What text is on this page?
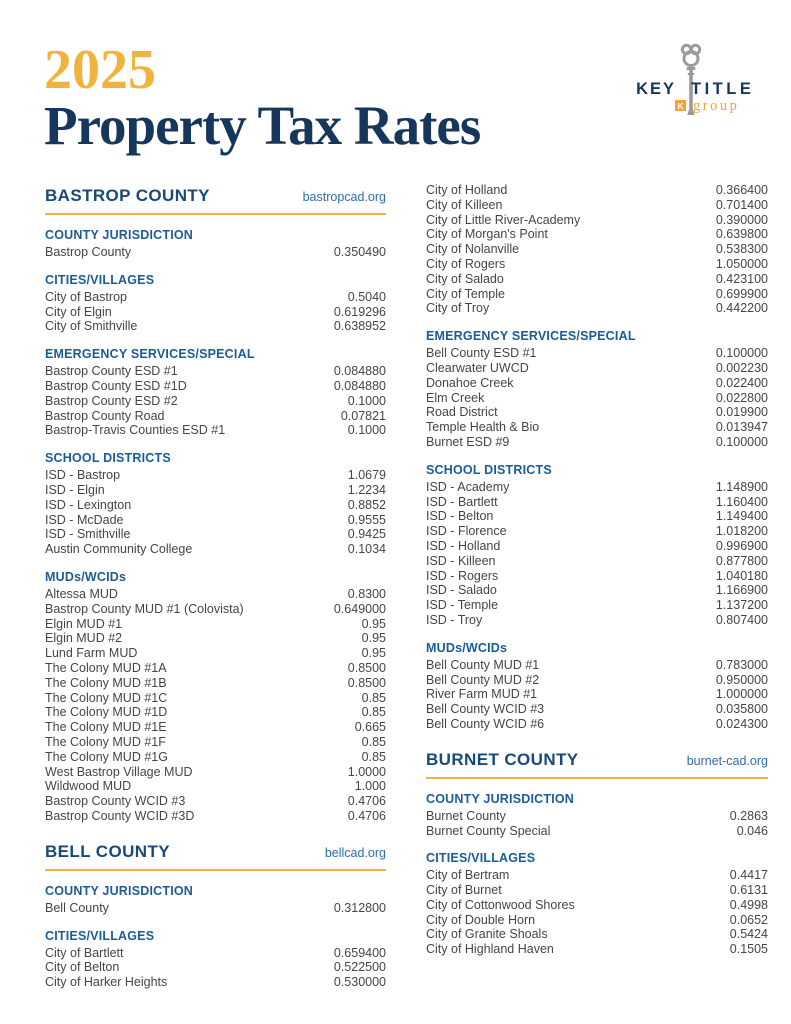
2025
Property Tax Rates
KEY TITLE
group
K
BASTROP COUNTY	bastropcad.org
COUNTY JURISDICTION
Bastrop County	0.350490
CITIES/VILLAGES
City of Bastrop	0.5040
City of Elgin	0.619296
City of Smithville	0.638952
EMERGENCY SERVICES/SPECIAL
Bastrop County ESD #1	0.084880
Bastrop County ESD #1D	0.084880
Bastrop County ESD #2	0.1000
Bastrop County Road	0.07821
Bastrop-Travis Counties ESD #1	0.1000
SCHOOL DISTRICTS
ISD - Bastrop	1.0679
ISD - Elgin	1.2234
ISD - Lexington	0.8852
ISD - McDade	0.9555
ISD - Smithville	0.9425
Austin Community College	0.1034
MUDs/WCIDs
Altessa MUD	0.8300
Bastrop County MUD #1 (Colovista)	0.649000
Elgin MUD #1	0.95
Elgin MUD #2	0.95
Lund Farm MUD	0.95
The Colony MUD #1A	0.8500
The Colony MUD #1B	0.8500
The Colony MUD #1C	0.85
The Colony MUD #1D	0.85
The Colony MUD #1E	0.665
The Colony MUD #1F	0.85
The Colony MUD #1G	0.85
West Bastrop Village MUD	1.0000
Wildwood MUD	1.000
Bastrop County WCID #3	0.4706
Bastrop County WCID #3D	0.4706
BELL COUNTY	bellcad.org
COUNTY JURISDICTION
Bell County	0.312800
CITIES/VILLAGES
City of Bartlett	0.659400
City of Belton	0.522500
City of Harker Heights	0.530000
City of Holland	0.366400
City of Killeen	0.701400
City of Little River-Academy	0.390000
City of Morgan's Point	0.639800
City of Nolanville	0.538300
City of Rogers	1.050000
City of Salado	0.423100
City of Temple	0.699900
City of Troy	0.442200
EMERGENCY SERVICES/SPECIAL
Bell County ESD #1	0.100000
Clearwater UWCD	0.002230
Donahoe Creek	0.022400
Elm Creek	0.022800
Road District	0.019900
Temple Health & Bio	0.013947
Burnet ESD #9	0.100000
SCHOOL DISTRICTS
ISD - Academy	1.148900
ISD - Bartlett	1.160400
ISD - Belton	1.149400
ISD - Florence	1.018200
ISD - Holland	0.996900
ISD - Killeen	0.877800
ISD - Rogers	1.040180
ISD - Salado	1.166900
ISD - Temple	1.137200
ISD - Troy	0.807400
MUDs/WCIDs
Bell County MUD #1	0.783000
Bell County MUD #2	0.950000
River Farm MUD #1	1.000000
Bell County WCID #3	0.035800
Bell County WCID #6	0.024300
BURNET COUNTY	burnet-cad.org
COUNTY JURISDICTION
Burnet County	0.2863
Burnet County Special	0.046
CITIES/VILLAGES
City of Bertram	0.4417
City of Burnet	0.6131
City of Cottonwood Shores	0.4998
City of Double Horn	0.0652
City of Granite Shoals	0.5424
City of Highland Haven	0.1505
